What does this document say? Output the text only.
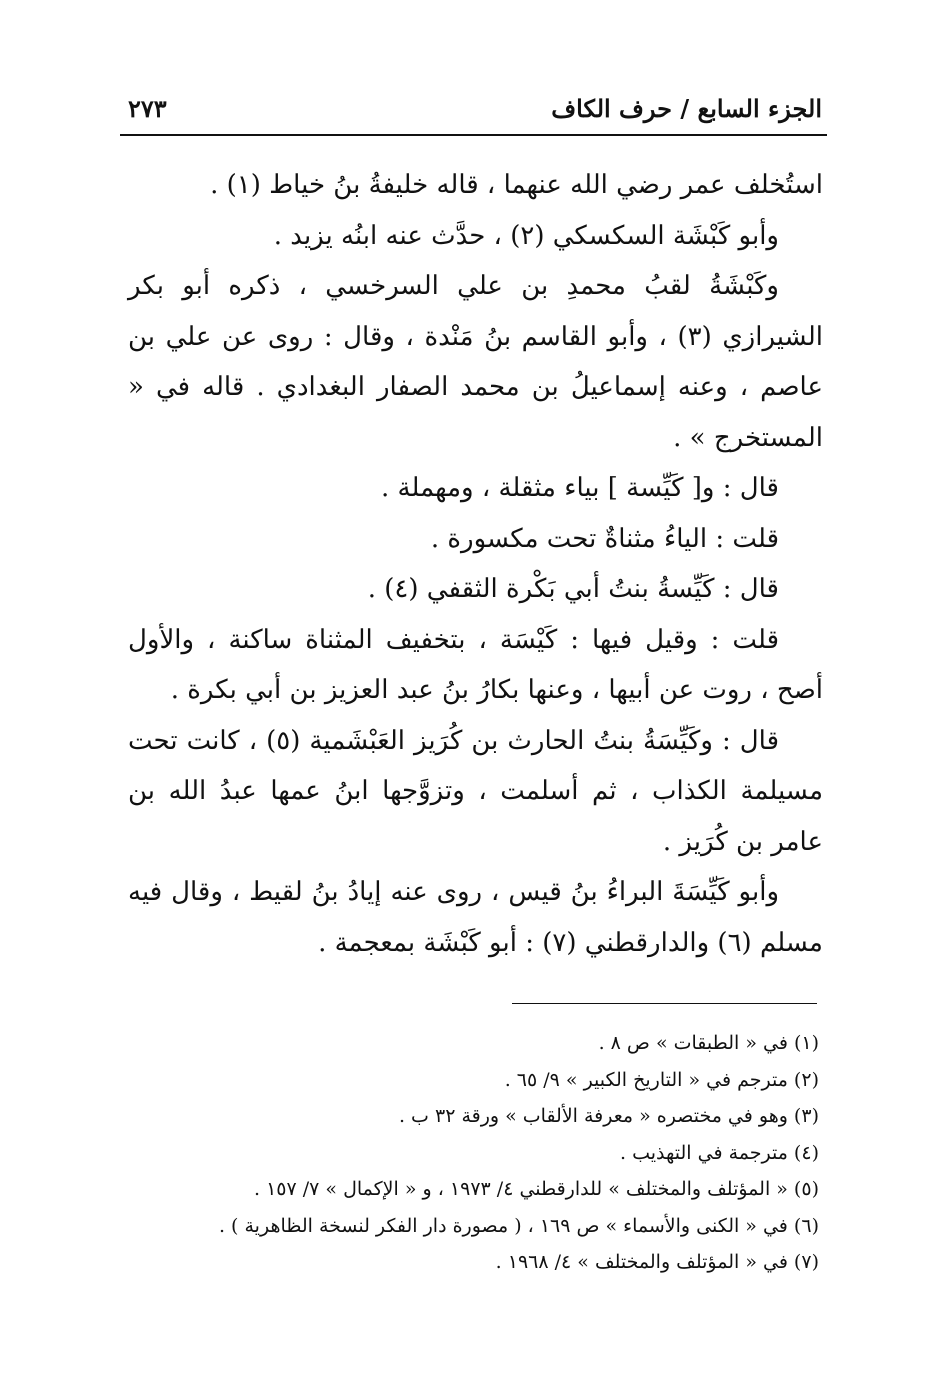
الجزء السابع / حرف الكاف
٢٧٣

استُخلف عمر رضي الله عنهما ، قاله خليفةُ بنُ خياط (١) .

وأبو كَبْشَة السكسكي (٢) ، حدَّث عنه ابنُه يزيد .

وكَبْشَةُ لقبُ محمدِ بن علي السرخسي ، ذكره أبو بكر الشيرازي (٣) ، وأبو القاسم بنُ مَنْدة ، وقال : روى عن علي بن عاصم ، وعنه إسماعيلُ بن محمد الصفار البغدادي . قاله في « المستخرج » .

قال : و[ كَيِّسة ] بياء مثقلة ، ومهملة .

قلت : الياءُ مثناةٌ تحت مكسورة .

قال : كَيِّسةُ بنتُ أبي بَكْرة الثقفي (٤) .

قلت : وقيل فيها : كَيْسَة ، بتخفيف المثناة ساكنة ، والأول أصح ، روت عن أبيها ، وعنها بكارُ بنُ عبد العزيز بن أبي بكرة .

قال : وكَيِّسَةُ بنتُ الحارث بن كُرَيز العَبْشَمية (٥) ، كانت تحت مسيلمة الكذاب ، ثم أسلمت ، وتزوَّجها ابنُ عمها عبدُ الله بن عامر بن كُرَيز .

وأبو كَيِّسَةَ البراءُ بنُ قيس ، روى عنه إيادُ بنُ لقيط ، وقال فيه مسلم (٦) والدارقطني (٧) : أبو كَبْشَة بمعجمة .

(١) في « الطبقات » ص ٨ .

(٢) مترجم في « التاريخ الكبير » ٩/ ٦٥ .

(٣) وهو في مختصره « معرفة الألقاب » ورقة ٣٢ ب .

(٤) مترجمة في التهذيب .

(٥) « المؤتلف والمختلف » للدارقطني ٤/ ١٩٧٣ ، و « الإكمال » ٧/ ١٥٧ .

(٦) في « الكنى والأسماء » ص ١٦٩ ، ( مصورة دار الفكر لنسخة الظاهرية ) .

(٧) في « المؤتلف والمختلف » ٤/ ١٩٦٨ .
